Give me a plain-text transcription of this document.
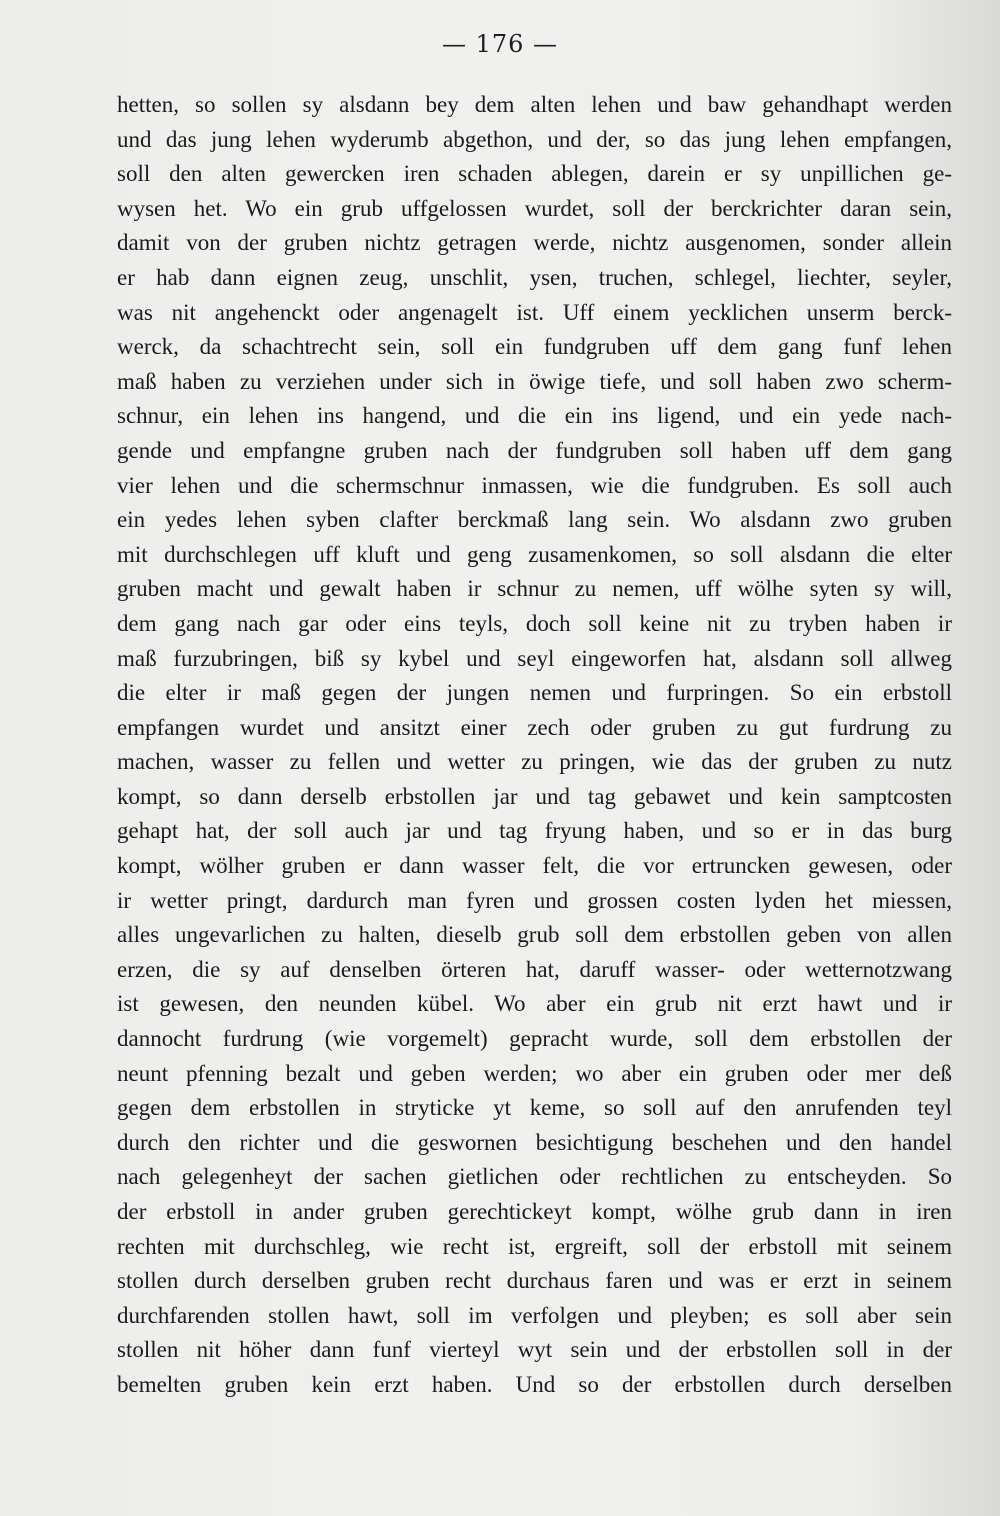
— 176 —
hetten, so sollen sy alsdann bey dem alten lehen und baw gehandhapt werden
und das jung lehen wyderumb abgethon, und der, so das jung lehen empfangen,
soll den alten gewercken iren schaden ablegen, darein er sy unpillichen ge-
wysen het. Wo ein grub uffgelossen wurdet, soll der berckrichter daran sein,
damit von der gruben nichtz getragen werde, nichtz ausgenomen, sonder allein
er hab dann eignen zeug, unschlit, ysen, truchen, schlegel, liechter, seyler,
was nit angehenckt oder angenagelt ist. Uff einem yecklichen unserm berck-
werck, da schachtrecht sein, soll ein fundgruben uff dem gang funf lehen
maß haben zu verziehen under sich in öwige tiefe, und soll haben zwo scherm-
schnur, ein lehen ins hangend, und die ein ins ligend, und ein yede nach-
gende und empfangne gruben nach der fundgruben soll haben uff dem gang
vier lehen und die schermschnur inmassen, wie die fundgruben. Es soll auch
ein yedes lehen syben clafter berckmaß lang sein. Wo alsdann zwo gruben
mit durchschlegen uff kluft und geng zusamenkomen, so soll alsdann die elter
gruben macht und gewalt haben ir schnur zu nemen, uff wölhe syten sy will,
dem gang nach gar oder eins teyls, doch soll keine nit zu tryben haben ir
maß furzubringen, biß sy kybel und seyl eingeworfen hat, alsdann soll allweg
die elter ir maß gegen der jungen nemen und furpringen. So ein erbstoll
empfangen wurdet und ansitzt einer zech oder gruben zu gut furdrung zu
machen, wasser zu fellen und wetter zu pringen, wie das der gruben zu nutz
kompt, so dann derselb erbstollen jar und tag gebawet und kein samptcosten
gehapt hat, der soll auch jar und tag fryung haben, und so er in das burg
kompt, wölher gruben er dann wasser felt, die vor ertruncken gewesen, oder
ir wetter pringt, dardurch man fyren und grossen costen lyden het miessen,
alles ungevarlichen zu halten, dieselb grub soll dem erbstollen geben von allen
erzen, die sy auf denselben örteren hat, daruff wasser- oder wetternotzwang
ist gewesen, den neunden kübel. Wo aber ein grub nit erzt hawt und ir
dannocht furdrung (wie vorgemelt) gepracht wurde, soll dem erbstollen der
neunt pfenning bezalt und geben werden; wo aber ein gruben oder mer deß
gegen dem erbstollen in stryticke yt keme, so soll auf den anrufenden teyl
durch den richter und die geswornen besichtigung beschehen und den handel
nach gelegenheyt der sachen gietlichen oder rechtlichen zu entscheyden. So
der erbstoll in ander gruben gerechtickeyt kompt, wölhe grub dann in iren
rechten mit durchschleg, wie recht ist, ergreift, soll der erbstoll mit seinem
stollen durch derselben gruben recht durchaus faren und was er erzt in seinem
durchfarenden stollen hawt, soll im verfolgen und pleyben; es soll aber sein
stollen nit höher dann funf vierteyl wyt sein und der erbstollen soll in der
bemelten gruben kein erzt haben. Und so der erbstollen durch derselben
